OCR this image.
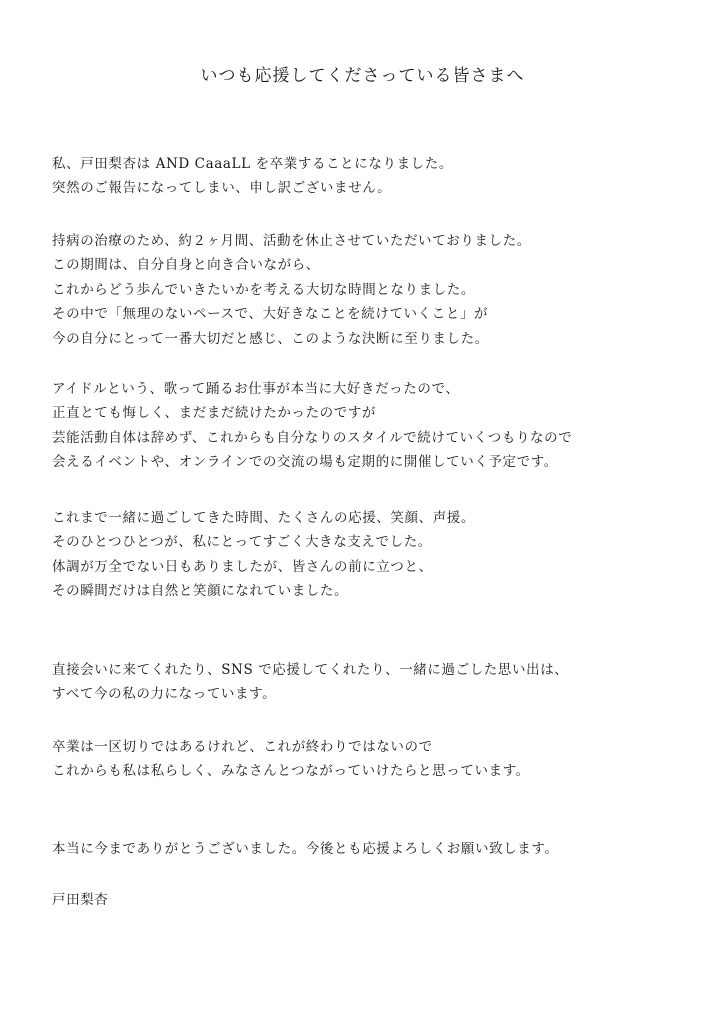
いつも応援してくださっている皆さまへ
私、戸田梨杏は AND CaaaLL を卒業することになりました。
突然のご報告になってしまい、申し訳ございません。
持病の治療のため、約２ヶ月間、活動を休止させていただいておりました。
この期間は、自分自身と向き合いながら、
これからどう歩んでいきたいかを考える大切な時間となりました。
その中で「無理のないペースで、大好きなことを続けていくこと」が
今の自分にとって一番大切だと感じ、このような決断に至りました。
アイドルという、歌って踊るお仕事が本当に大好きだったので、
正直とても悔しく、まだまだ続けたかったのですが
芸能活動自体は辞めず、これからも自分なりのスタイルで続けていくつもりなので
会えるイベントや、オンラインでの交流の場も定期的に開催していく予定です。
これまで一緒に過ごしてきた時間、たくさんの応援、笑顔、声援。
そのひとつひとつが、私にとってすごく大きな支えでした。
体調が万全でない日もありましたが、皆さんの前に立つと、
その瞬間だけは自然と笑顔になれていました。
直接会いに来てくれたり、SNS で応援してくれたり、一緒に過ごした思い出は、
すべて今の私の力になっています。
卒業は一区切りではあるけれど、これが終わりではないので
これからも私は私らしく、みなさんとつながっていけたらと思っています。
本当に今までありがとうございました。今後とも応援よろしくお願い致します。
戸田梨杏
